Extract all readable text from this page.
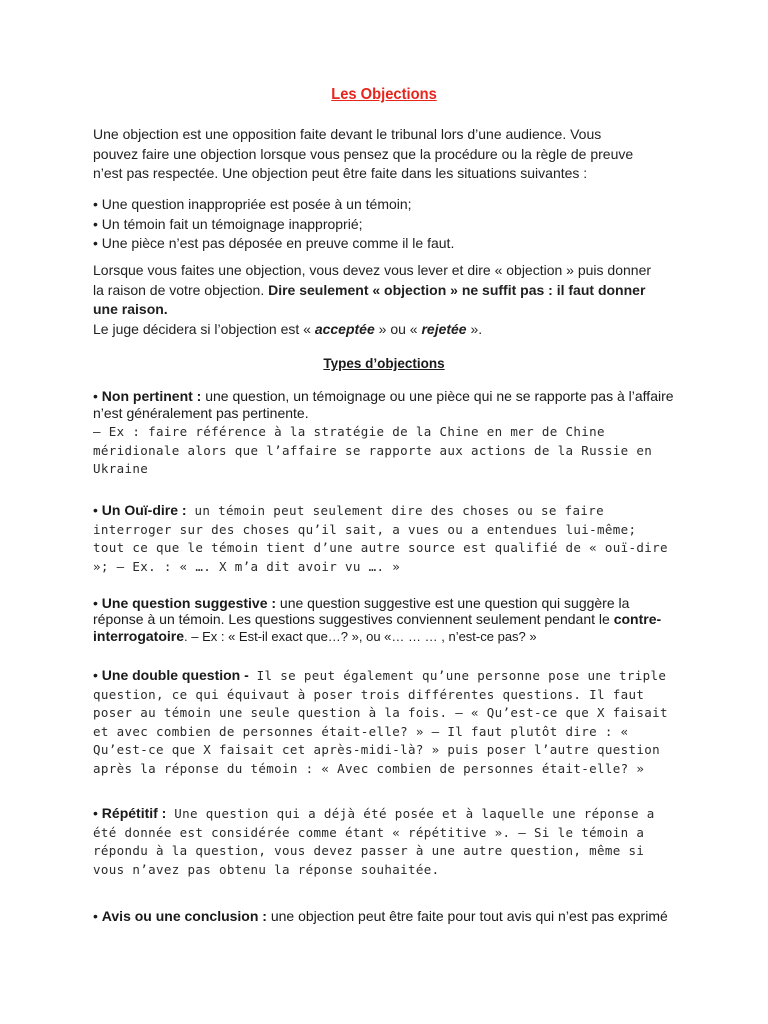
Les Objections
Une objection est une opposition faite devant le tribunal lors d’une audience. Vous
pouvez faire une objection lorsque vous pensez que la procédure ou la règle de preuve
n’est pas respectée. Une objection peut être faite dans les situations suivantes :
• Une question inappropriée est posée à un témoin;
• Un témoin fait un témoignage inapproprié;
• Une pièce n’est pas déposée en preuve comme il le faut.
Lorsque vous faites une objection, vous devez vous lever et dire « objection » puis donner
la raison de votre objection. Dire seulement « objection » ne suffit pas : il faut donner
une raison.
Le juge décidera si l’objection est « acceptée » ou « rejetée ».
Types d’objections
• Non pertinent : une question, un témoignage ou une pièce qui ne se rapporte pas à l’affaire
n’est généralement pas pertinente.
– Ex : faire référence à la stratégie de la Chine en mer de Chine
méridionale alors que l’affaire se rapporte aux actions de la Russie en
Ukraine
• Un Ouï-dire : un témoin peut seulement dire des choses ou se faire
interroger sur des choses qu’il sait, a vues ou a entendues lui-même;
tout ce que le témoin tient d’une autre source est qualifié de « ouï-dire
»; – Ex. : « …. X m’a dit avoir vu …. »
• Une question suggestive : une question suggestive est une question qui suggère la
réponse à un témoin. Les questions suggestives conviennent seulement pendant le contre-
interrogatoire. – Ex : « Est-il exact que…? », ou «… … … , n’est-ce pas? »
• Une double question - Il se peut également qu’une personne pose une triple
question, ce qui équivaut à poser trois différentes questions. Il faut
poser au témoin une seule question à la fois. – « Qu’est-ce que X faisait
et avec combien de personnes était-elle? » – Il faut plutôt dire : «
Qu’est-ce que X faisait cet après-midi-là? » puis poser l’autre question
après la réponse du témoin : « Avec combien de personnes était-elle? »
• Répétitif : Une question qui a déjà été posée et à laquelle une réponse a
été donnée est considérée comme étant « répétitive ». – Si le témoin a
répondu à la question, vous devez passer à une autre question, même si
vous n’avez pas obtenu la réponse souhaitée.
• Avis ou une conclusion : une objection peut être faite pour tout avis qui n’est pas exprimé
